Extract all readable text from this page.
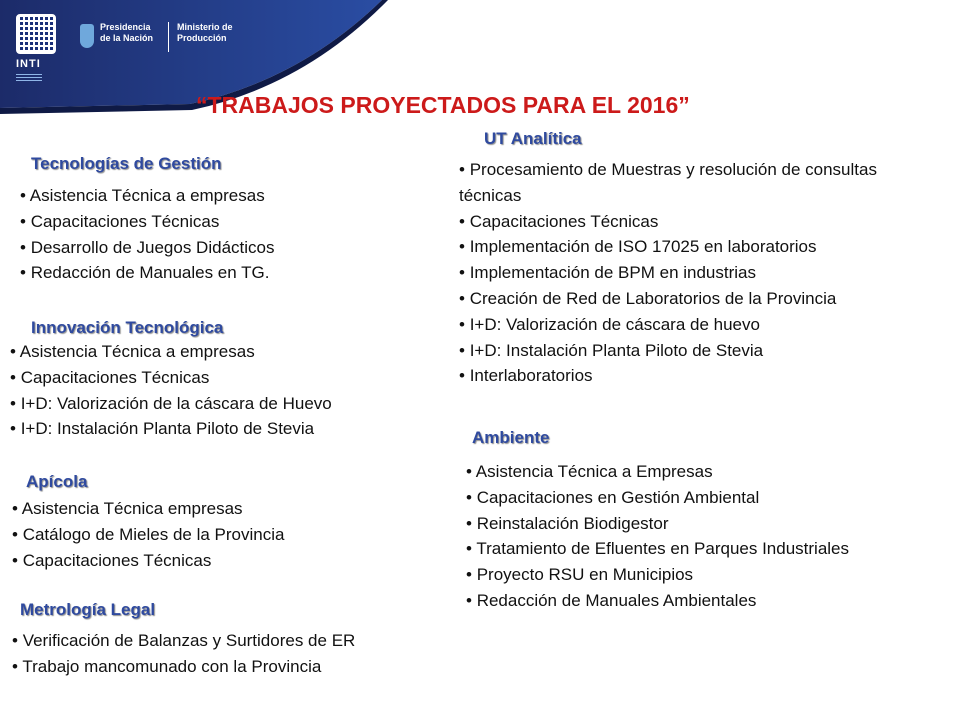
INTI
Presidencia de la Nación
Ministerio de Producción
“TRABAJOS PROYECTADOS PARA EL 2016”
Tecnologías de Gestión
• Asistencia Técnica a empresas
• Capacitaciones Técnicas
• Desarrollo de Juegos Didácticos
• Redacción de Manuales en TG.
Innovación Tecnológica
• Asistencia Técnica a empresas
• Capacitaciones Técnicas
• I+D: Valorización de la cáscara de Huevo
• I+D: Instalación Planta Piloto de Stevia
Apícola
• Asistencia Técnica empresas
• Catálogo de Mieles de la Provincia
• Capacitaciones Técnicas
Metrología Legal
• Verificación de Balanzas y Surtidores de ER
• Trabajo mancomunado con la Provincia
UT Analítica
• Procesamiento de Muestras y resolución de consultas técnicas
• Capacitaciones Técnicas
• Implementación de ISO 17025 en laboratorios
• Implementación de BPM en industrias
• Creación de Red de Laboratorios de la Provincia
• I+D: Valorización de cáscara de huevo
• I+D: Instalación Planta Piloto de Stevia
• Interlaboratorios
Ambiente
• Asistencia Técnica a Empresas
• Capacitaciones en Gestión Ambiental
• Reinstalación Biodigestor
• Tratamiento de Efluentes en Parques Industriales
• Proyecto RSU en Municipios
• Redacción de Manuales Ambientales
